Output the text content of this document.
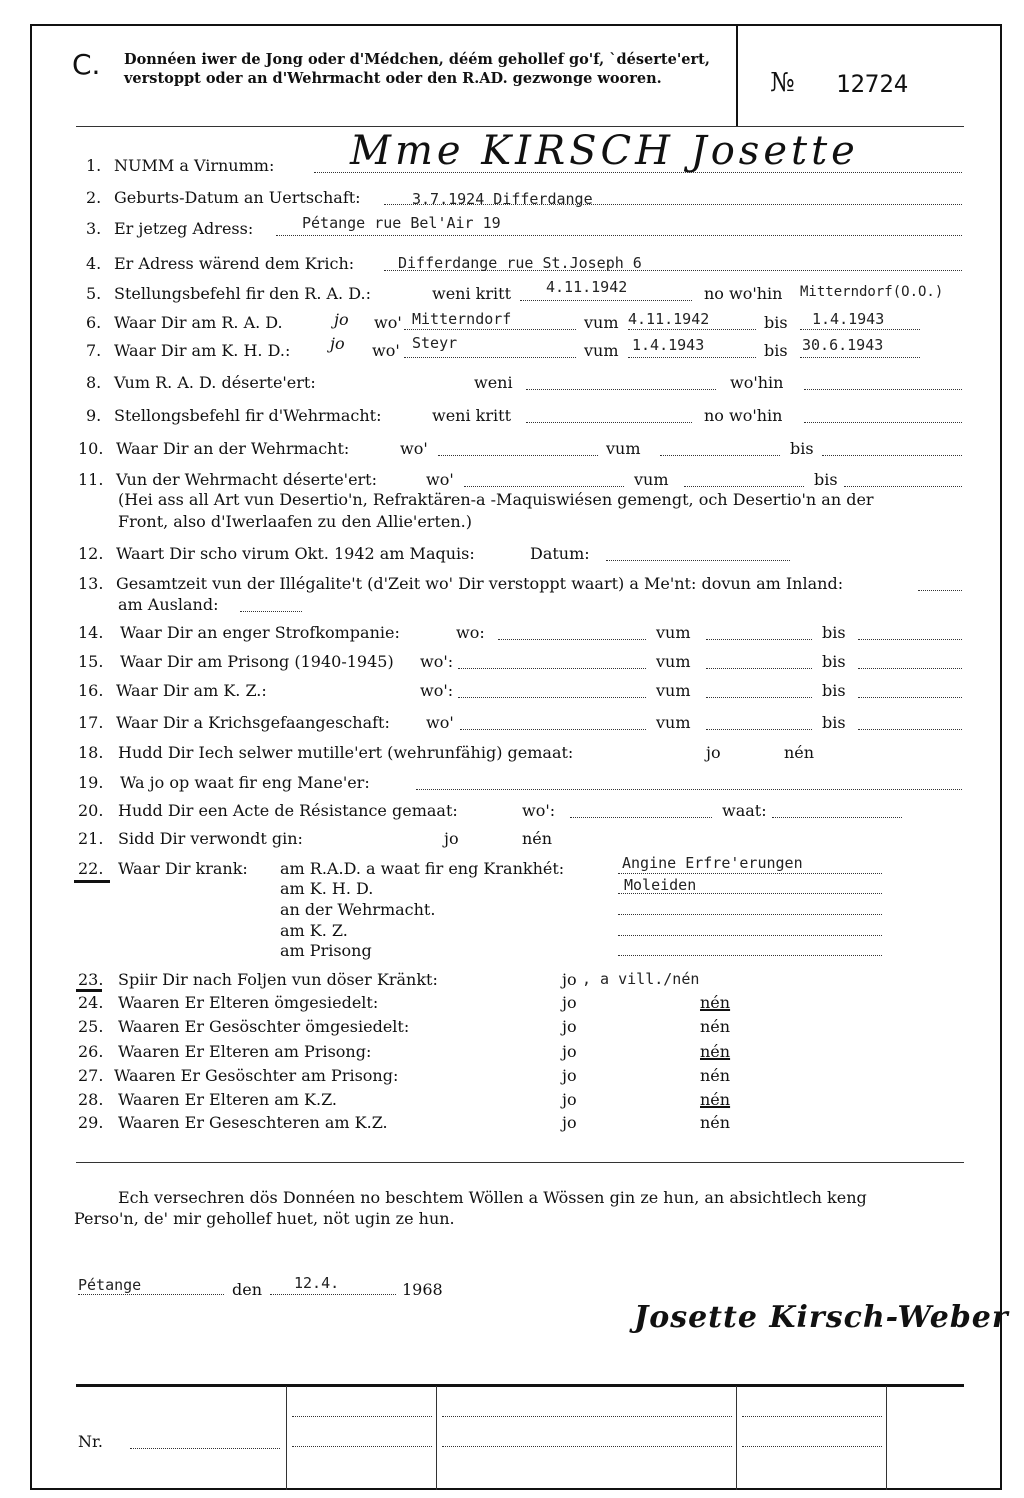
C. Donnéen iwer de Jong oder d'Médchen, déém gehollef go'f, `déserte'ert, verstoppt oder an d'Wehrmacht oder den R.AD. gezwonge wooren.	№ 12724
1. NUMM a Virnumm: Mme KIRSCH Josette
2. Geburts-Datum an Uertschaft:	3.7.1924 Differdange
3. Er jetzeg Adress:	Pétange rue Bel'Air 19
4. Er Adress wärend dem Krich:	Differdange rue St.Joseph 6
5. Stellungsbefehl fir den R. A. D.:	weni kritt 4.11.1942	no wo'hin Mitterndorf(O.O.)
6. Waar Dir am R. A. D.	jo wo' Mitterndorf	vum 4.11.1942	bis 1.4.1943
7. Waar Dir am K. H. D.: jo wo' Steyr	vum 1.4.1943	bis 30.6.1943
8. Vum R. A. D. déserte'ert:	weni	wo'hin
9. Stellongsbefehl fir d'Wehrmacht:	weni kritt	no wo'hin
10. Waar Dir an der Wehrmacht:	wo'	vum	bis
11. Vun der Wehrmacht déserte'ert:	wo'	vum	bis
(Hei ass all Art vun Desertio'n, Refraktären-a -Maquiswiésen gemengt, och Desertio'n an der
Front, also d'Iwerlaafen zu den Allie'erten.)
12. Waart Dir scho virum Okt. 1942 am Maquis:	Datum:
13. Gesamtzeit vun der Illégalite't (d'Zeit wo' Dir verstoppt waart) a Me'nt: dovun am Inland:
am Ausland:
14. Waar Dir an enger Strofkompanie:	wo:	vum	bis
15. Waar Dir am Prisong (1940-1945) wo':	vum	bis
16. Waar Dir am K. Z.:	wo':	vum	bis
17. Waar Dir a Krichsgefaangeschaft: wo'	vum	bis
18. Hudd Dir Iech selwer mutille'ert (wehrunfähig) gemaat:	jo	nén
19. Wa jo op waat fir eng Mane'er:
20. Hudd Dir een Acte de Résistance gemaat:	wo':	waat:
21. Sidd Dir verwondt gin:	jo	nén
22. Waar Dir krank: am R.A.D. a waat fir eng Krankhét:	Angine Erfre'erungen
am K. H. D.	Moleiden
an der Wehrmacht.
am K. Z.
am Prisong
23. Spiir Dir nach Foljen vun döser Kränkt:	jo , a vill./nén
24. Waaren Er Elteren ömgesiedelt:	jo	nén
25. Waaren Er Gesöschter ömgesiedelt:	jo	nén
26. Waaren Er Elteren am Prisong:	jo	nén
27. Waaren Er Gesöschter am Prisong:	jo	nén
28. Waaren Er Elteren am K.Z.	jo	nén
29. Waaren Er Geseschteren am K.Z.	jo	nén
Ech versechren dös Donnéen no beschtem Wöllen a Wössen gin ze hun, an absichtlech keng
Perso'n, de' mir gehollef huet, nöt ugin ze hun.
Pétange	den 12.4.	1968
Josette Kirsch-Weber
Nr.
